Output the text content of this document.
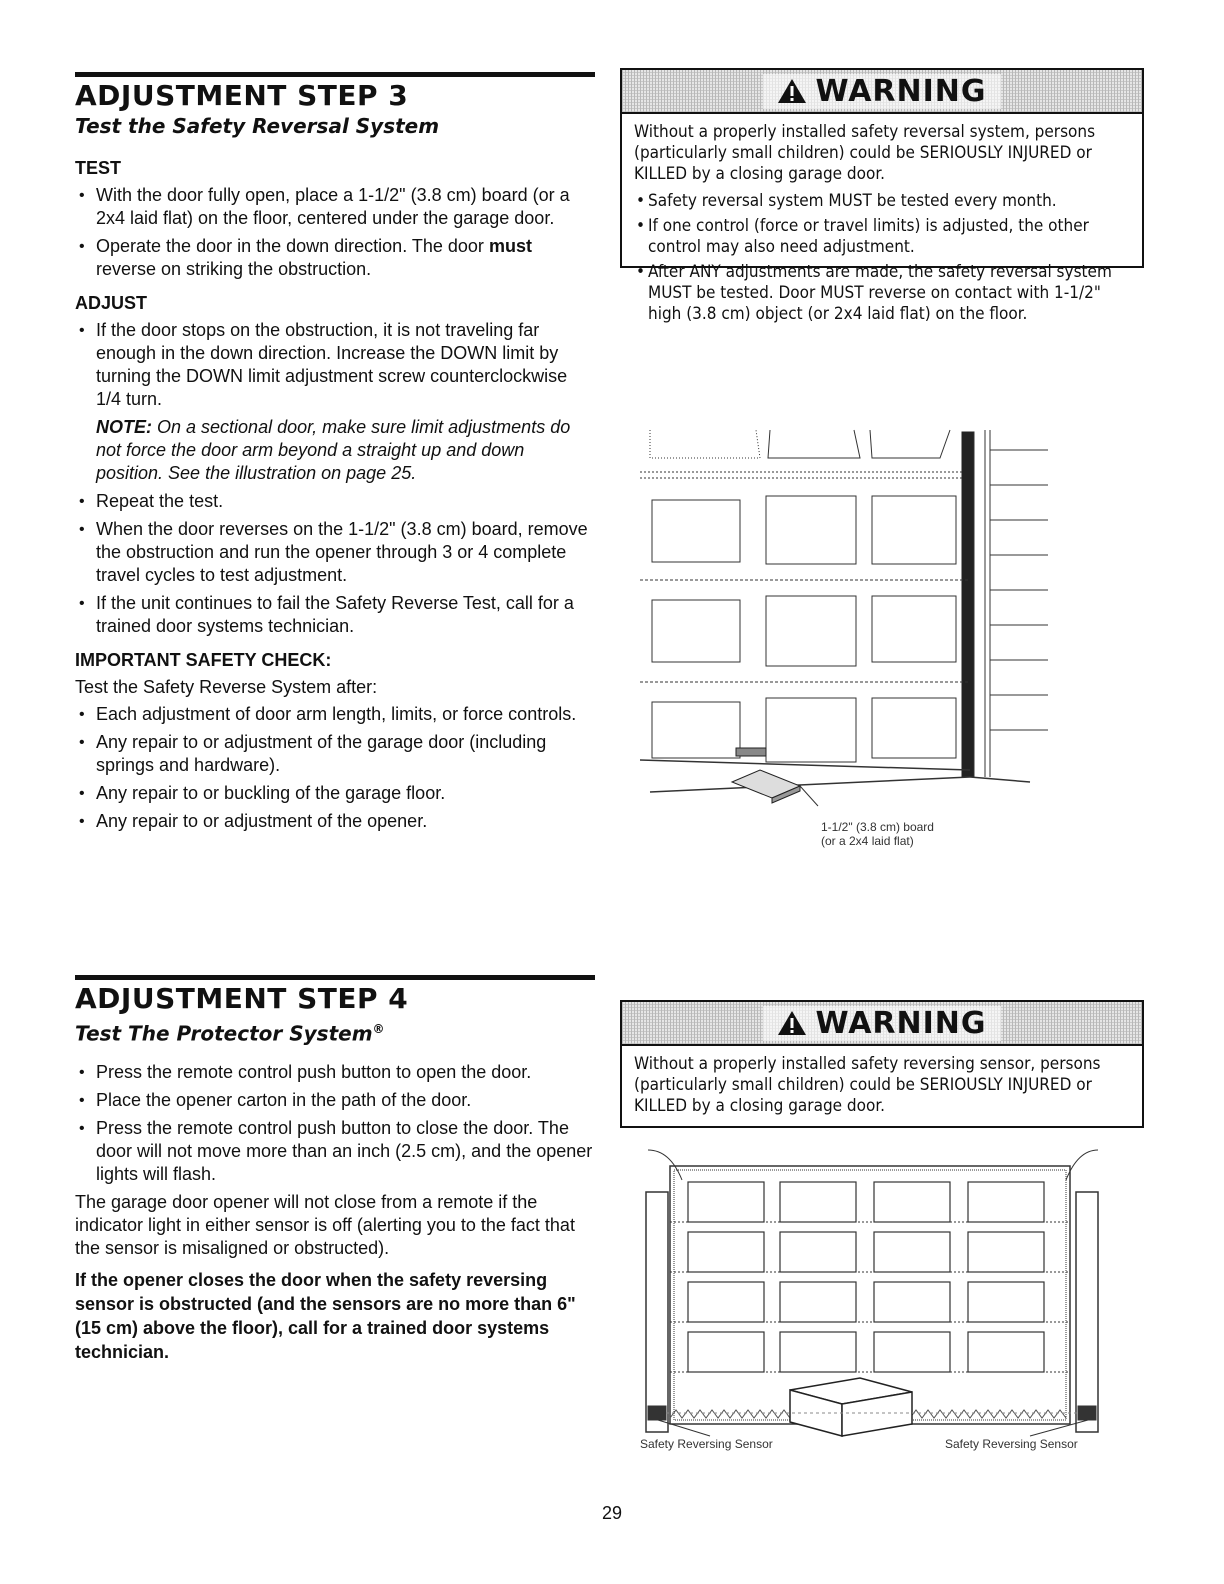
ADJUSTMENT STEP 3
Test the Safety Reversal System
TEST
• With the door fully open, place a 1-1/2" (3.8 cm) board (or a 2x4 laid flat) on the floor, centered under the garage door.
• Operate the door in the down direction. The door must reverse on striking the obstruction.
ADJUST
• If the door stops on the obstruction, it is not traveling far enough in the down direction. Increase the DOWN limit by turning the DOWN limit adjustment screw counterclockwise 1/4 turn.
NOTE: On a sectional door, make sure limit adjustments do not force the door arm beyond a straight up and down position. See the illustration on page 25.
• Repeat the test.
• When the door reverses on the 1-1/2" (3.8 cm) board, remove the obstruction and run the opener through 3 or 4 complete travel cycles to test adjustment.
• If the unit continues to fail the Safety Reverse Test, call for a trained door systems technician.
IMPORTANT SAFETY CHECK:
Test the Safety Reverse System after:
• Each adjustment of door arm length, limits, or force controls.
• Any repair to or adjustment of the garage door (including springs and hardware).
• Any repair to or buckling of the garage floor.
• Any repair to or adjustment of the opener.
WARNING

Without a properly installed safety reversal system, persons (particularly small children) could be SERIOUSLY INJURED or KILLED by a closing garage door.

• Safety reversal system MUST be tested every month.
• If one control (force or travel limits) is adjusted, the other control may also need adjustment.
• After ANY adjustments are made, the safety reversal system MUST be tested. Door MUST reverse on contact with 1-1/2" high (3.8 cm) object (or 2x4 laid flat) on the floor.
1-1/2" (3.8 cm) board
(or a 2x4 laid flat)
ADJUSTMENT STEP 4
Test The Protector System®
• Press the remote control push button to open the door.
• Place the opener carton in the path of the door.
• Press the remote control push button to close the door. The door will not move more than an inch (2.5 cm), and the opener lights will flash.
The garage door opener will not close from a remote if the indicator light in either sensor is off (alerting you to the fact that the sensor is misaligned or obstructed).
If the opener closes the door when the safety reversing sensor is obstructed (and the sensors are no more than 6" (15 cm) above the floor), call for a trained door systems technician.
WARNING

Without a properly installed safety reversing sensor, persons (particularly small children) could be SERIOUSLY INJURED or KILLED by a closing garage door.

Safety Reversing Sensor	Safety Reversing Sensor
29
